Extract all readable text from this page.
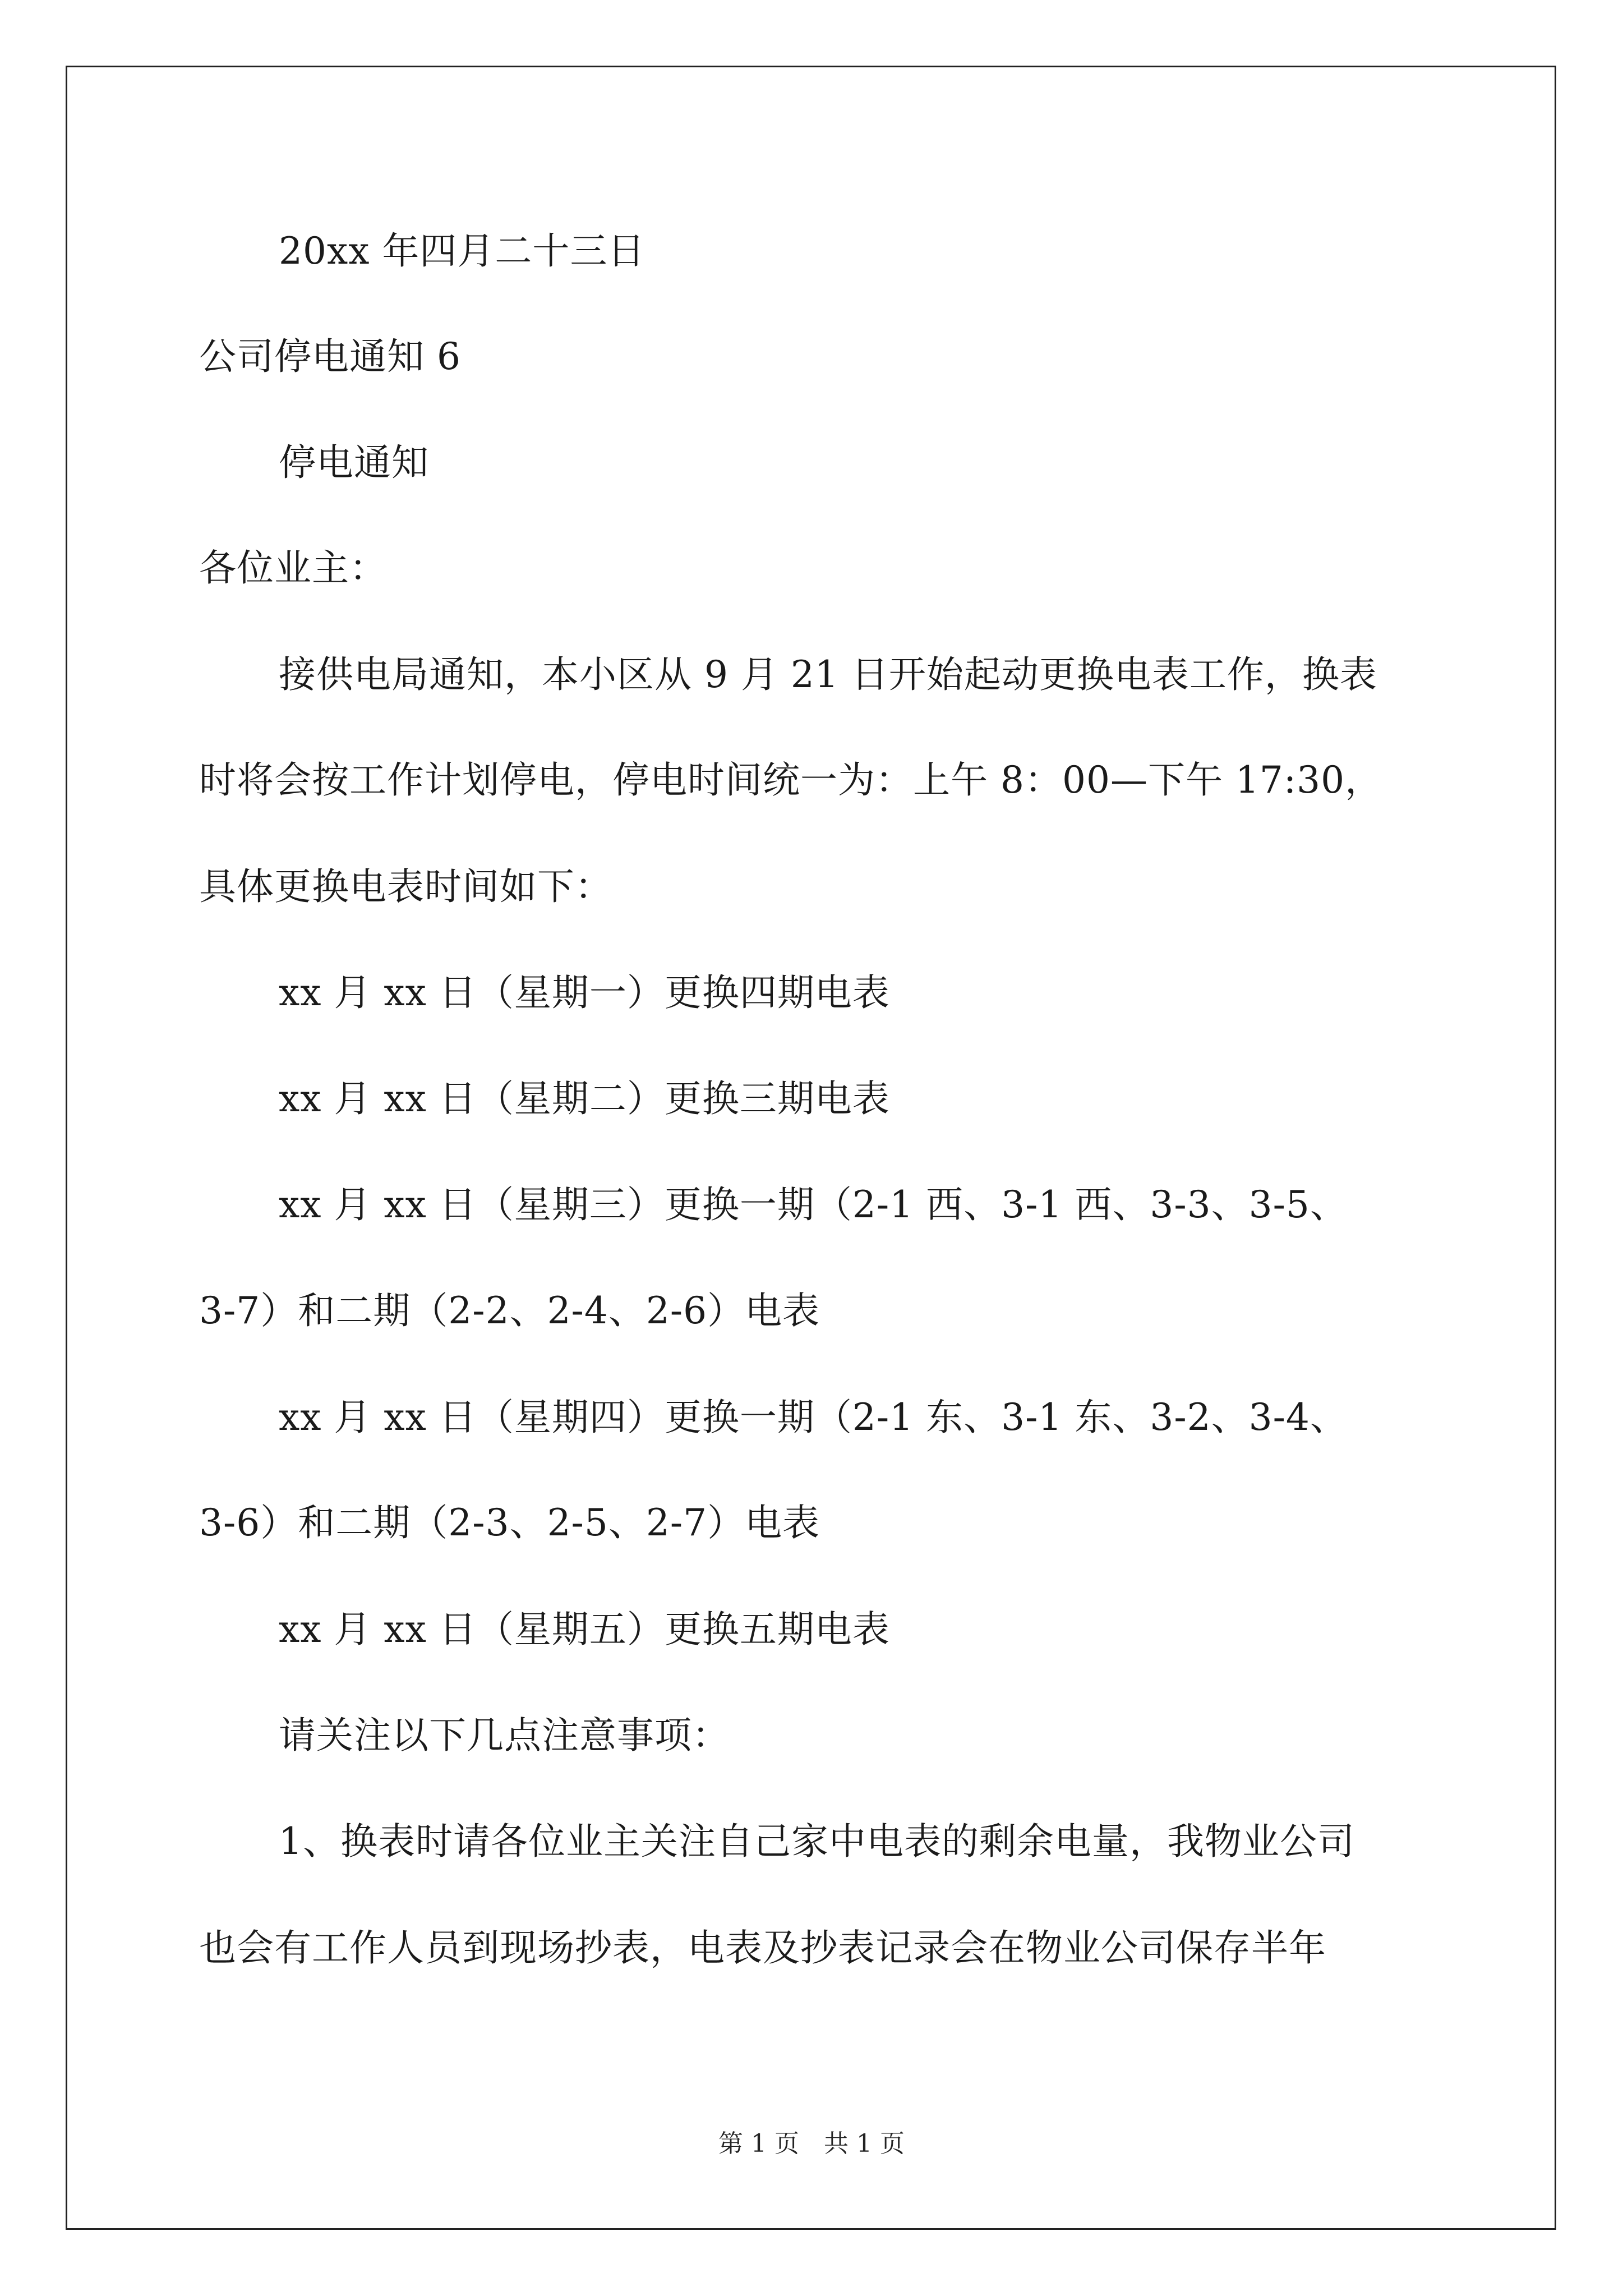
20xx 年四月二十三日
公司停电通知 6
停电通知
各位业主：
接供电局通知，本小区从 9 月 21 日开始起动更换电表工作，换表
时将会按工作计划停电，停电时间统一为：上午 8：00—下午 17:30，
具体更换电表时间如下：
xx 月 xx 日（星期一）更换四期电表
xx 月 xx 日（星期二）更换三期电表
xx 月 xx 日（星期三）更换一期（2-1 西、3-1 西、3-3、3-5、
3-7）和二期（2-2、2-4、2-6）电表
xx 月 xx 日（星期四）更换一期（2-1 东、3-1 东、3-2、3-4、
3-6）和二期（2-3、2-5、2-7）电表
xx 月 xx 日（星期五）更换五期电表
请关注以下几点注意事项：
1、换表时请各位业主关注自己家中电表的剩余电量，我物业公司
也会有工作人员到现场抄表，电表及抄表记录会在物业公司保存半年
第 1 页　共 1 页
